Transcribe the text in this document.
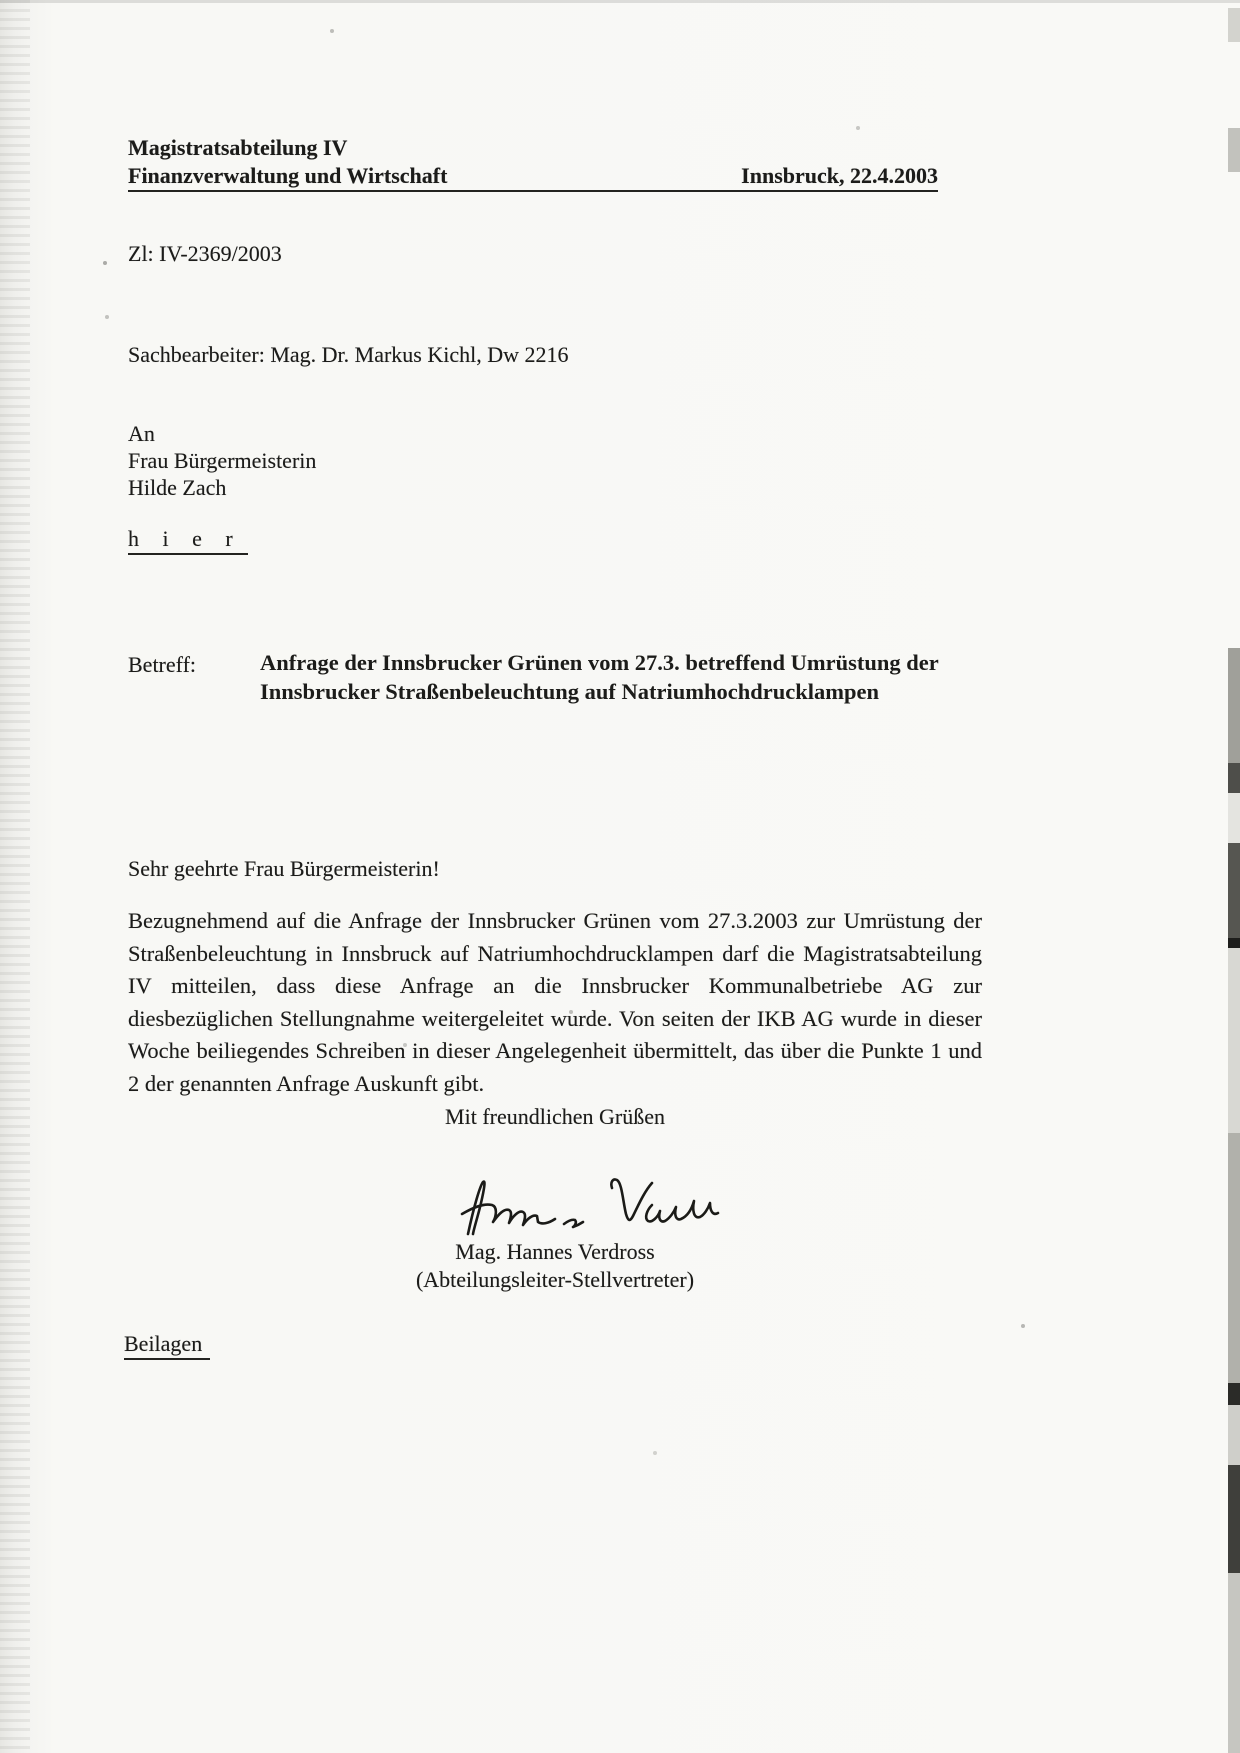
Magistratsabteilung IV
Finanzverwaltung und Wirtschaft	Innsbruck, 22.4.2003
Zl: IV-2369/2003
Sachbearbeiter: Mag. Dr. Markus Kichl, Dw 2216
An
Frau Bürgermeisterin
Hilde Zach
h i e r
Betreff:	Anfrage der Innsbrucker Grünen vom 27.3. betreffend Umrüstung der
Innsbrucker Straßenbeleuchtung auf Natriumhochdrucklampen
Sehr geehrte Frau Bürgermeisterin!
Bezugnehmend auf die Anfrage der Innsbrucker Grünen vom 27.3.2003 zur Umrüstung der
Straßenbeleuchtung in Innsbruck auf Natriumhochdrucklampen darf die Magistratsabteilung
IV mitteilen, dass diese Anfrage an die Innsbrucker Kommunalbetriebe AG zur
diesbezüglichen Stellungnahme weitergeleitet wurde. Von seiten der IKB AG wurde in dieser
Woche beiliegendes Schreiben in dieser Angelegenheit übermittelt, das über die Punkte 1 und
2 der genannten Anfrage Auskunft gibt.
Mit freundlichen Grüßen
Mag. Hannes Verdross
(Abteilungsleiter-Stellvertreter)
Beilagen
